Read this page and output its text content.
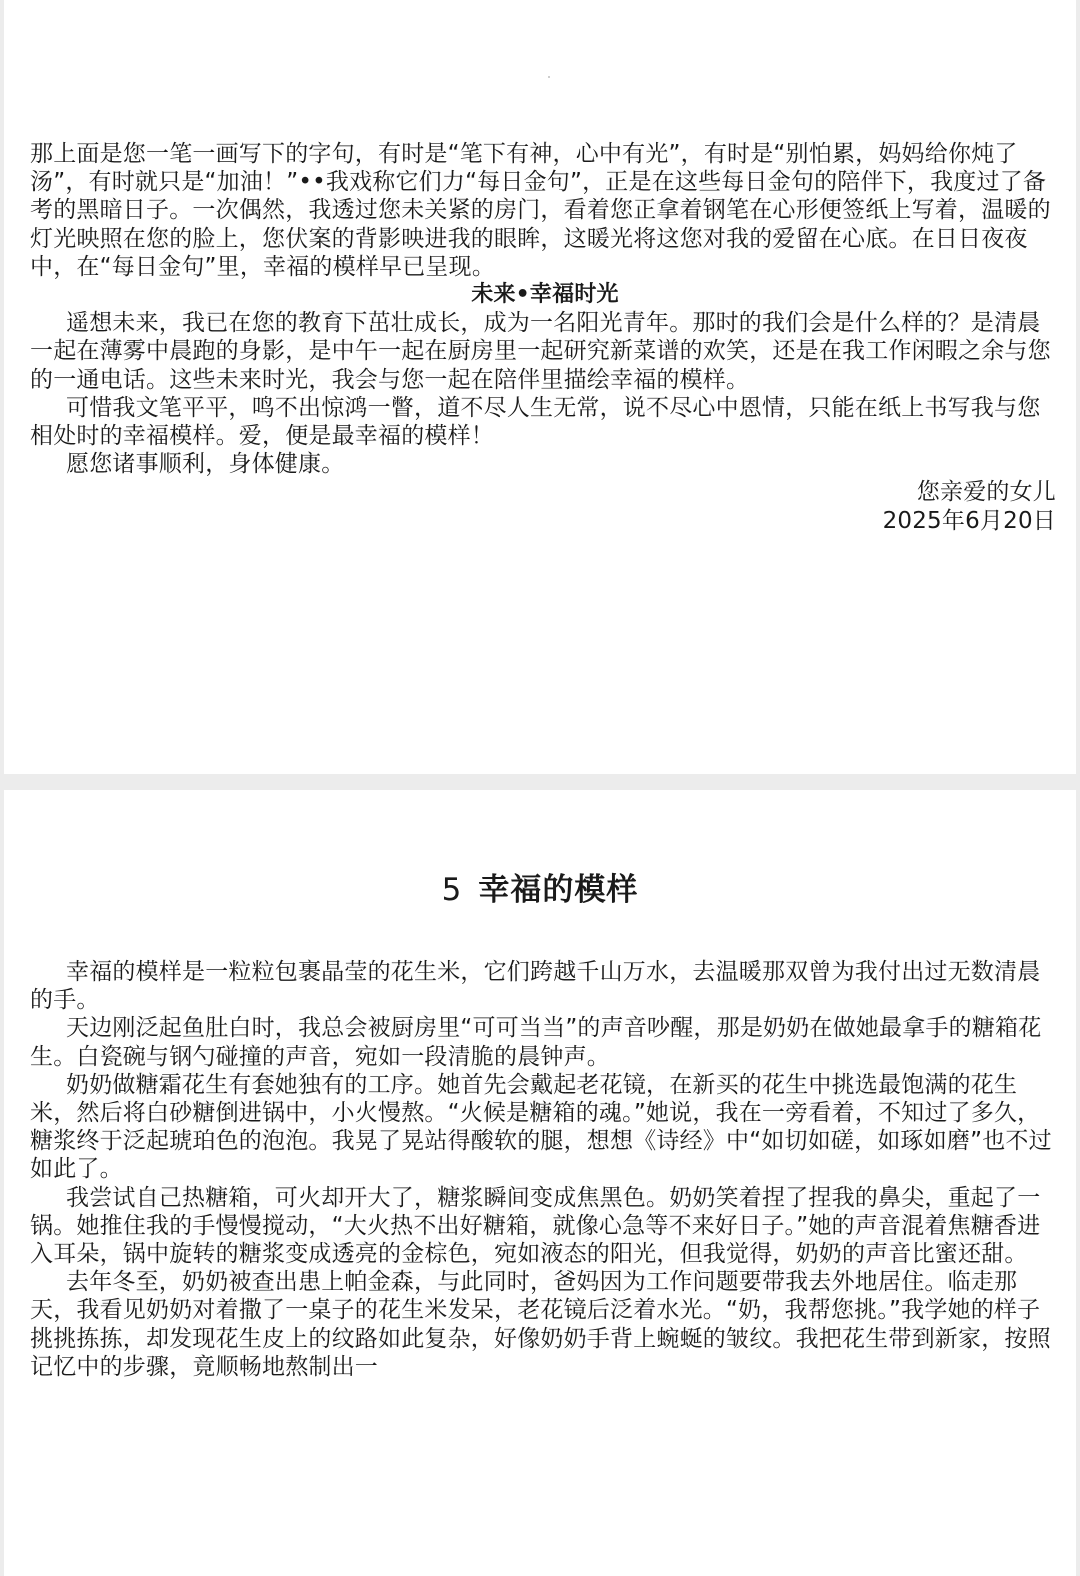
那上面是您一笔一画写下的字句，有时是“笔下有神，心中有光”，有时是“别怕累，妈妈给你炖了汤”，有时就只是“加油！”••我戏称它们力“每日金句”，正是在这些每日金句的陪伴下，我度过了备考的黑暗日子。一次偶然，我透过您未关紧的房门，看着您正拿着钢笔在心形便签纸上写着，温暖的灯光映照在您的脸上，您伏案的背影映进我的眼眸，这暖光将这您对我的爱留在心底。在日日夜夜中，在“每日金句”里，幸福的模样早已呈现。

未来•幸福时光

遥想未来，我已在您的教育下茁壮成长，成为一名阳光青年。那时的我们会是什么样的？是清晨一起在薄雾中晨跑的身影，是中午一起在厨房里一起研究新菜谱的欢笑，还是在我工作闲暇之余与您的一通电话。这些未来时光，我会与您一起在陪伴里描绘幸福的模样。

可惜我文笔平平，鸣不出惊鸿一瞥，道不尽人生无常，说不尽心中恩情，只能在纸上书写我与您相处时的幸福模样。爱，便是最幸福的模样！

愿您诸事顺利，身体健康。

您亲爱的女儿

2025年6月20日

5 幸福的模样

幸福的模样是一粒粒包裹晶莹的花生米，它们跨越千山万水，去温暖那双曾为我付出过无数清晨的手。

天边刚泛起鱼肚白时，我总会被厨房里“可可当当”的声音吵醒，那是奶奶在做她最拿手的糖箱花生。白瓷碗与钢勺碰撞的声音，宛如一段清脆的晨钟声。

奶奶做糖霜花生有套她独有的工序。她首先会戴起老花镜，在新买的花生中挑选最饱满的花生米，然后将白砂糖倒进锅中，小火慢熬。“火候是糖箱的魂。”她说，我在一旁看着，不知过了多久，糖浆终于泛起琥珀色的泡泡。我晃了晃站得酸软的腿，想想《诗经》中“如切如磋，如琢如磨”也不过如此了。

我尝试自己热糖箱，可火却开大了，糖浆瞬间变成焦黑色。奶奶笑着捏了捏我的鼻尖，重起了一锅。她推住我的手慢慢搅动，“大火热不出好糖箱，就像心急等不来好日子。”她的声音混着焦糖香进入耳朵，锅中旋转的糖浆变成透亮的金棕色，宛如液态的阳光，但我觉得，奶奶的声音比蜜还甜。

去年冬至，奶奶被查出患上帕金森，与此同时，爸妈因为工作问题要带我去外地居住。临走那天，我看见奶奶对着撒了一桌子的花生米发呆，老花镜后泛着水光。“奶，我帮您挑。”我学她的样子挑挑拣拣，却发现花生皮上的纹路如此复杂，好像奶奶手背上蜿蜒的皱纹。我把花生带到新家，按照记忆中的步骤，竟顺畅地熬制出一
